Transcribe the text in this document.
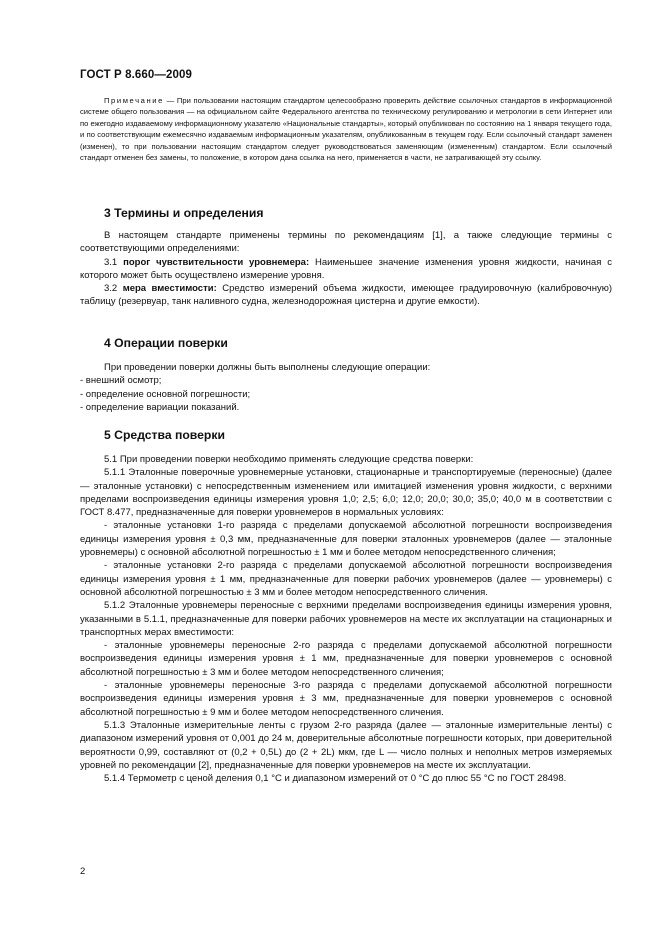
ГОСТ Р 8.660—2009

Примечание — При пользовании настоящим стандартом целесообразно проверить действие ссылочных стандартов в информационной системе общего пользования — на официальном сайте Федерального агентства по техническому регулированию и метрологии в сети Интернет или по ежегодно издаваемому информационному указателю «Национальные стандарты», который опубликован по состоянию на 1 января текущего года, и по соответствующим ежемесячно издаваемым информационным указателям, опубликованным в текущем году. Если ссылочный стандарт заменен (изменен), то при пользовании настоящим стандартом следует руководствоваться заменяющим (измененным) стандартом. Если ссылочный стандарт отменен без замены, то положение, в котором дана ссылка на него, применяется в части, не затрагивающей эту ссылку.

3 Термины и определения

В настоящем стандарте применены термины по рекомендациям [1], а также следующие термины с соответствующими определениями:

3.1 порог чувствительности уровнемера: Наименьшее значение изменения уровня жидкости, начиная с которого может быть осуществлено измерение уровня.

3.2 мера вместимости: Средство измерений объема жидкости, имеющее градуировочную (калибровочную) таблицу (резервуар, танк наливного судна, железнодорожная цистерна и другие емкости).

4 Операции поверки

При проведении поверки должны быть выполнены следующие операции:

- внешний осмотр;

- определение основной погрешности;

- определение вариации показаний.

5 Средства поверки

5.1 При проведении поверки необходимо применять следующие средства поверки:

5.1.1 Эталонные поверочные уровнемерные установки, стационарные и транспортируемые (переносные) (далее — эталонные установки) с непосредственным изменением или имитацией изменения уровня жидкости, с верхними пределами воспроизведения единицы измерения уровня 1,0; 2,5; 6,0; 12,0; 20,0; 30,0; 35,0; 40,0 м в соответствии с ГОСТ 8.477, предназначенные для поверки уровнемеров в нормальных условиях:

- эталонные установки 1-го разряда с пределами допускаемой абсолютной погрешности воспроизведения единицы измерения уровня ± 0,3 мм, предназначенные для поверки эталонных уровнемеров (далее — эталонные уровнемеры) с основной абсолютной погрешностью ± 1 мм и более методом непосредственного сличения;

- эталонные установки 2-го разряда с пределами допускаемой абсолютной погрешности воспроизведения единицы измерения уровня ± 1 мм, предназначенные для поверки рабочих уровнемеров (далее — уровнемеры) с основной абсолютной погрешностью ± 3 мм и более методом непосредственного сличения.

5.1.2 Эталонные уровнемеры переносные с верхними пределами воспроизведения единицы измерения уровня, указанными в 5.1.1, предназначенные для поверки рабочих уровнемеров на месте их эксплуатации на стационарных и транспортных мерах вместимости:

- эталонные уровнемеры переносные 2-го разряда с пределами допускаемой абсолютной погрешности воспроизведения единицы измерения уровня ± 1 мм, предназначенные для поверки уровнемеров с основной абсолютной погрешностью ± 3 мм и более методом непосредственного сличения;

- эталонные уровнемеры переносные 3-го разряда с пределами допускаемой абсолютной погрешности воспроизведения единицы измерения уровня ± 3 мм, предназначенные для поверки уровнемеров с основной абсолютной погрешностью ± 9 мм и более методом непосредственного сличения.

5.1.3 Эталонные измерительные ленты с грузом 2-го разряда (далее — эталонные измерительные ленты) с диапазоном измерений уровня от 0,001 до 24 м, доверительные абсолютные погрешности которых, при доверительной вероятности 0,99, составляют от (0,2 + 0,5L) до (2 + 2L) мкм, где L — число полных и неполных метров измеряемых уровней по рекомендации [2], предназначенные для поверки уровнемеров на месте их эксплуатации.

5.1.4 Термометр с ценой деления 0,1 °С и диапазоном измерений от 0 °С до плюс 55 °С по ГОСТ 28498.

2
